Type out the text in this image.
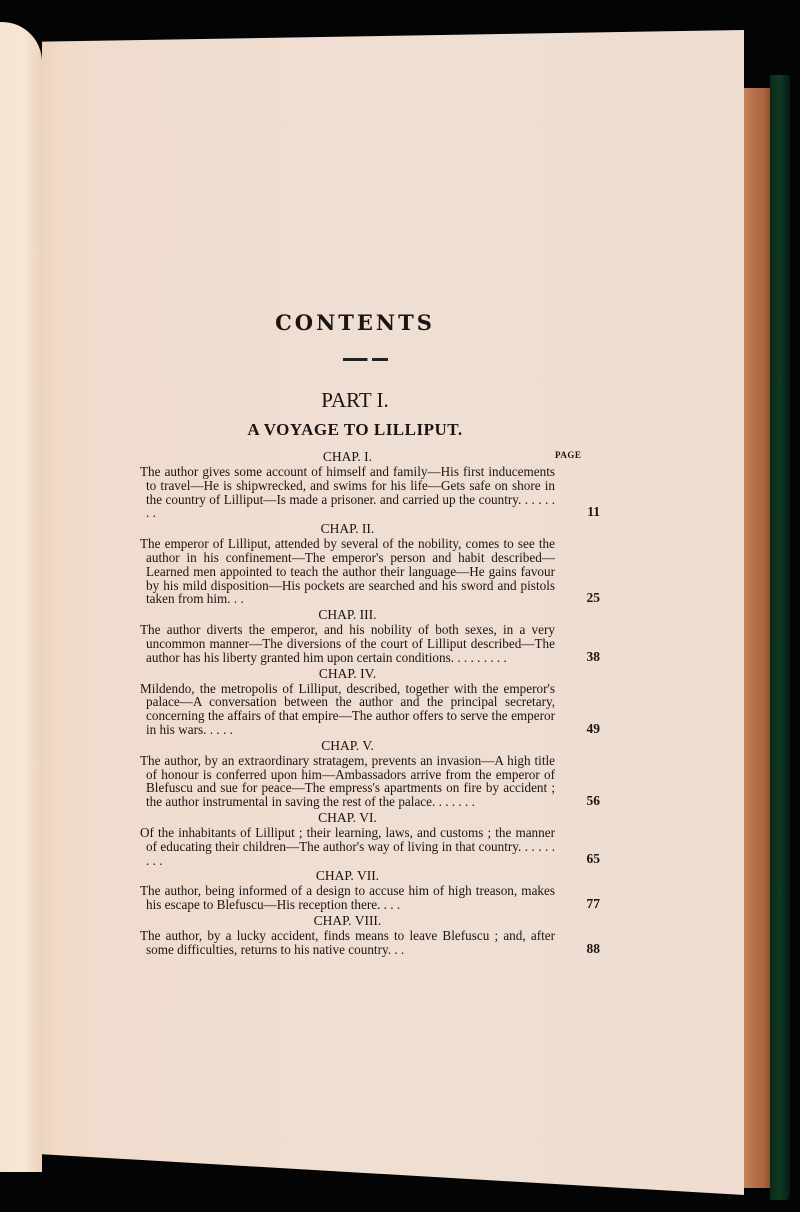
CONTENTS
PART I.
A VOYAGE TO LILLIPUT.
PAGE
CHAP. I.
The author gives some account of himself and family—His first inducements to travel—He is shipwrecked, and swims for his life—Gets safe on shore in the country of Lilliput—Is made a prisoner. and carried up the country. . . . . . . .	11
CHAP. II.
The emperor of Lilliput, attended by several of the nobility, comes to see the author in his confinement—The emperor's person and habit described—Learned men appointed to teach the author their language—He gains favour by his mild disposition—His pockets are searched and his sword and pistols taken from him. . .	25
CHAP. III.
The author diverts the emperor, and his nobility of both sexes, in a very uncommon manner—The diversions of the court of Lilliput described—The author has his liberty granted him upon certain conditions. . . . . . . . .	38
CHAP. IV.
Mildendo, the metropolis of Lilliput, described, together with the emperor's palace—A conversation between the author and the principal secretary, concerning the affairs of that empire—The author offers to serve the emperor in his wars. . . . .	49
CHAP. V.
The author, by an extraordinary stratagem, prevents an invasion—A high title of honour is conferred upon him—Ambassadors arrive from the emperor of Blefuscu and sue for peace—The empress's apartments on fire by accident ; the author instrumental in saving the rest of the palace. . . . . . .	56
CHAP. VI.
Of the inhabitants of Lilliput ; their learning, laws, and customs ; the manner of educating their children—The author's way of living in that country. . . . . . . . .	65
CHAP. VII.
The author, being informed of a design to accuse him of high treason, makes his escape to Blefuscu—His reception there. . . .	77
CHAP. VIII.
The author, by a lucky accident, finds means to leave Blefuscu ; and, after some difficulties, returns to his native country. . .	88
